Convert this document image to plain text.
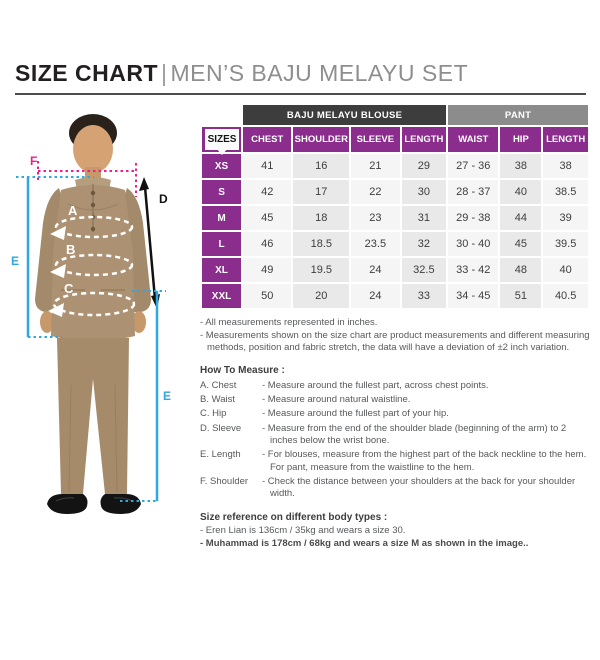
SIZE CHART | MEN’S BAJU MELAYU SET
F
E
D
A
B
C
E
	BAJU MELAYU BLOUSE				PANT		

SIZES	CHEST	SHOULDER	SLEEVE	LENGTH	WAIST	HIP	LENGTH
XS	41	16	21	29	27 - 36	38	38
S	42	17	22	30	28 - 37	40	38.5
M	45	18	23	31	29 - 38	44	39
L	46	18.5	23.5	32	30 - 40	45	39.5
XL	49	19.5	24	32.5	33 - 42	48	40
XXL	50	20	24	33	34 - 45	51	40.5
- All measurements represented in inches.
- Measurements shown on the size chart are product measurements and different measuring methods, position and fabric stretch, the data will have a deviation of ±2 inch variation.
How To Measure :
A. Chest	- Measure around the fullest part, across chest points.
B. Waist	- Measure around natural waistline.
C. Hip	- Measure around the fullest part of your hip.
D. Sleeve	- Measure from the end of the shoulder blade (beginning of the arm) to 2 inches below the wrist bone.
E. Length	- For blouses, measure from the highest part of the back neckline to the hem. For pant, measure from the waistline to the hem.
F. Shoulder	- Check the distance between your shoulders at the back for your shoulder width.
Size reference on different body types :
- Eren Lian is 136cm / 35kg and wears a size 30.
- Muhammad is 178cm / 68kg and wears a size M as shown in the image..
